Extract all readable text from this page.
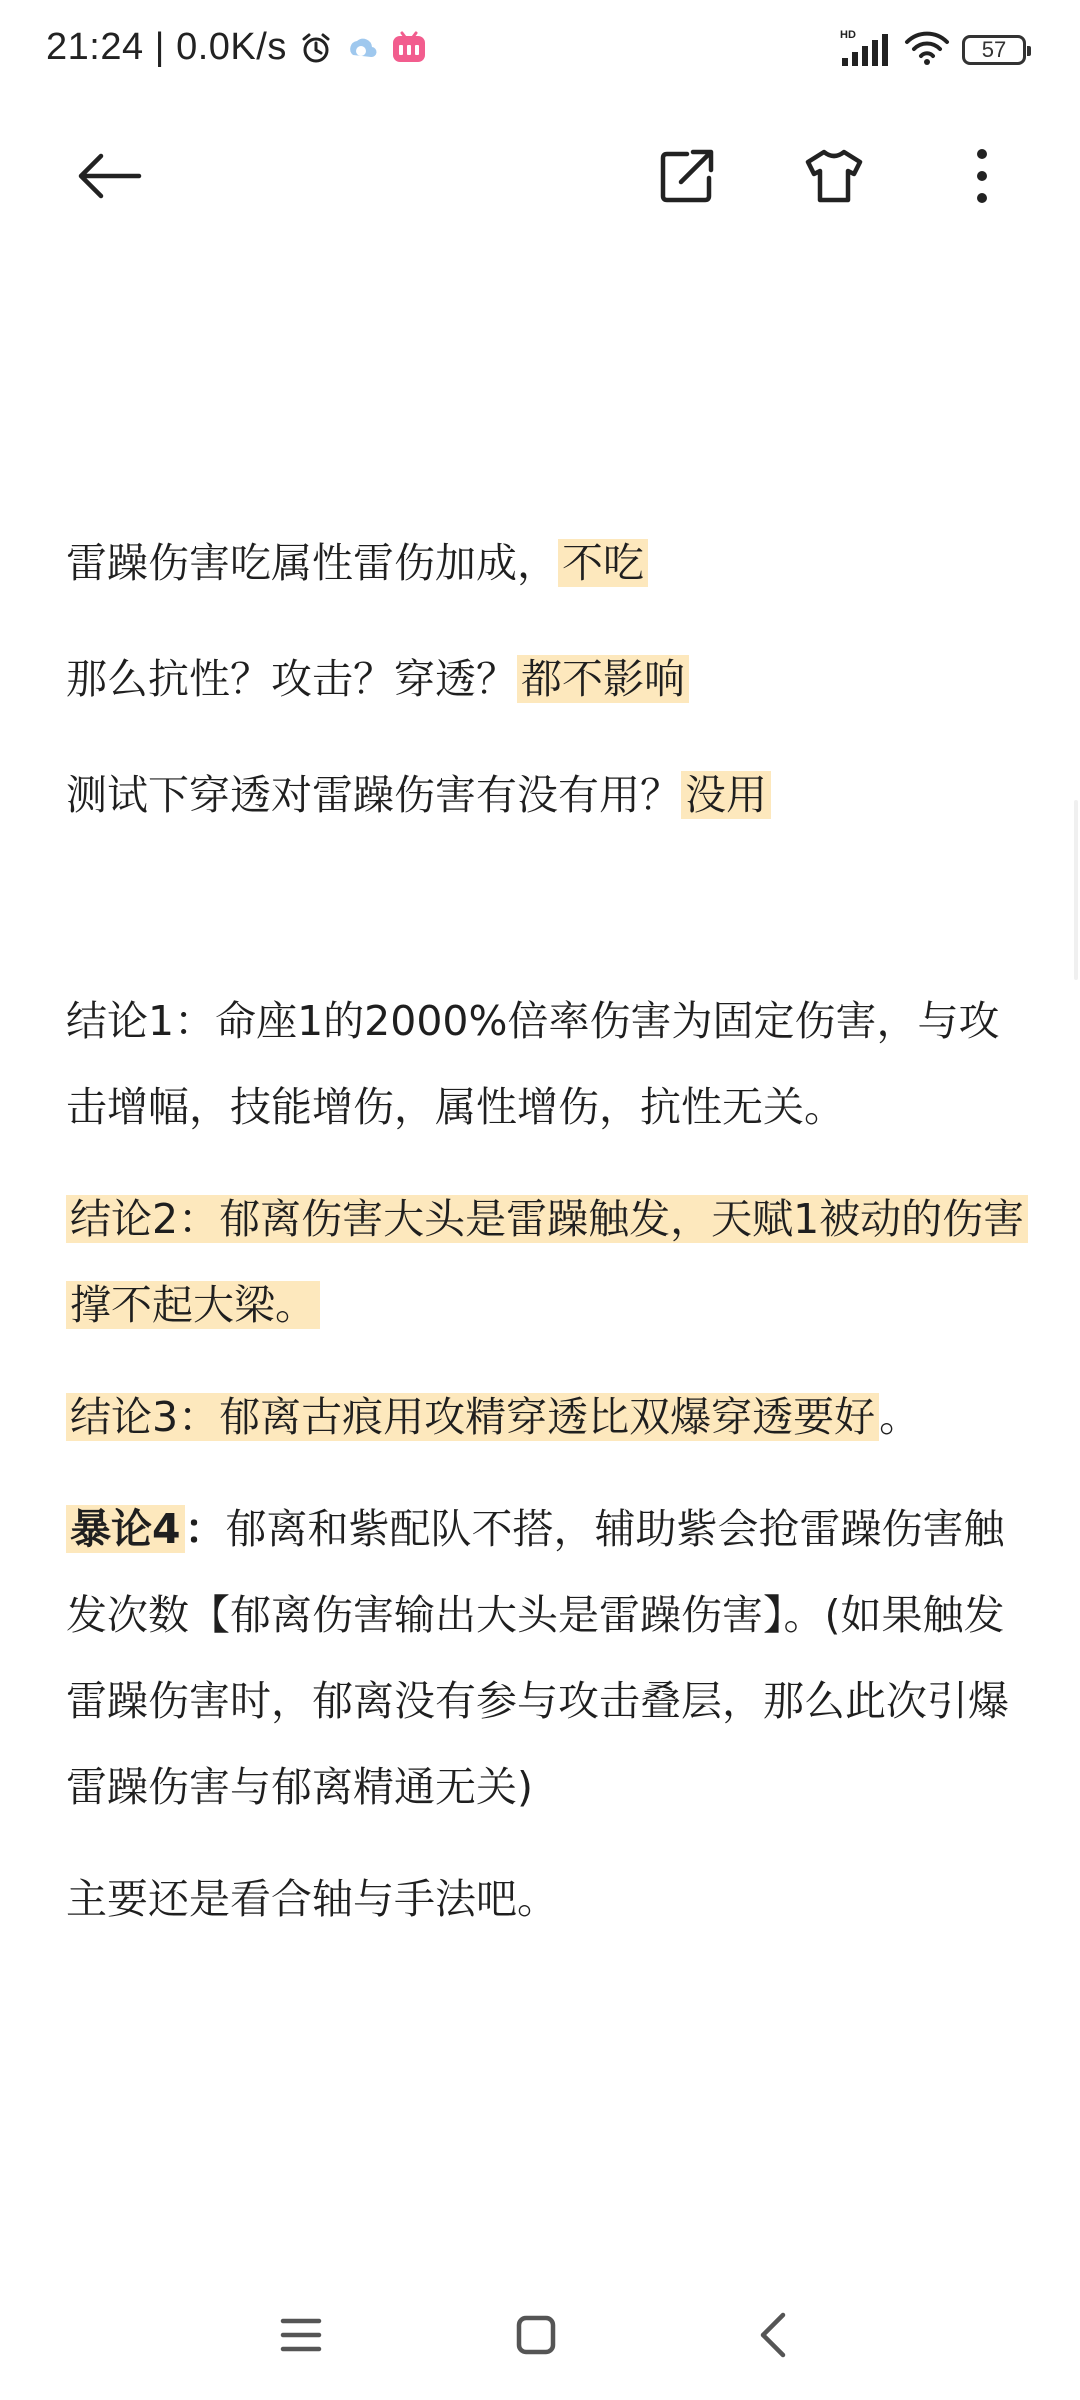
21:24 | 0.0K/s	HD
57

雷躁伤害吃属性雷伤加成，不吃

那么抗性？攻击？穿透？都不影响

测试下穿透对雷躁伤害有没有用？没用

结论1：命座1的2000%倍率伤害为固定伤害，与攻击增幅，技能增伤，属性增伤，抗性无关。

结论2：郁离伤害大头是雷躁触发，天赋1被动的伤害撑不起大梁。

结论3：郁离古痕用攻精穿透比双爆穿透要好。

暴论4：郁离和紫配队不搭，辅助紫会抢雷躁伤害触发次数【郁离伤害输出大头是雷躁伤害】。(如果触发雷躁伤害时，郁离没有参与攻击叠层，那么此次引爆雷躁伤害与郁离精通无关)

主要还是看合轴与手法吧。
